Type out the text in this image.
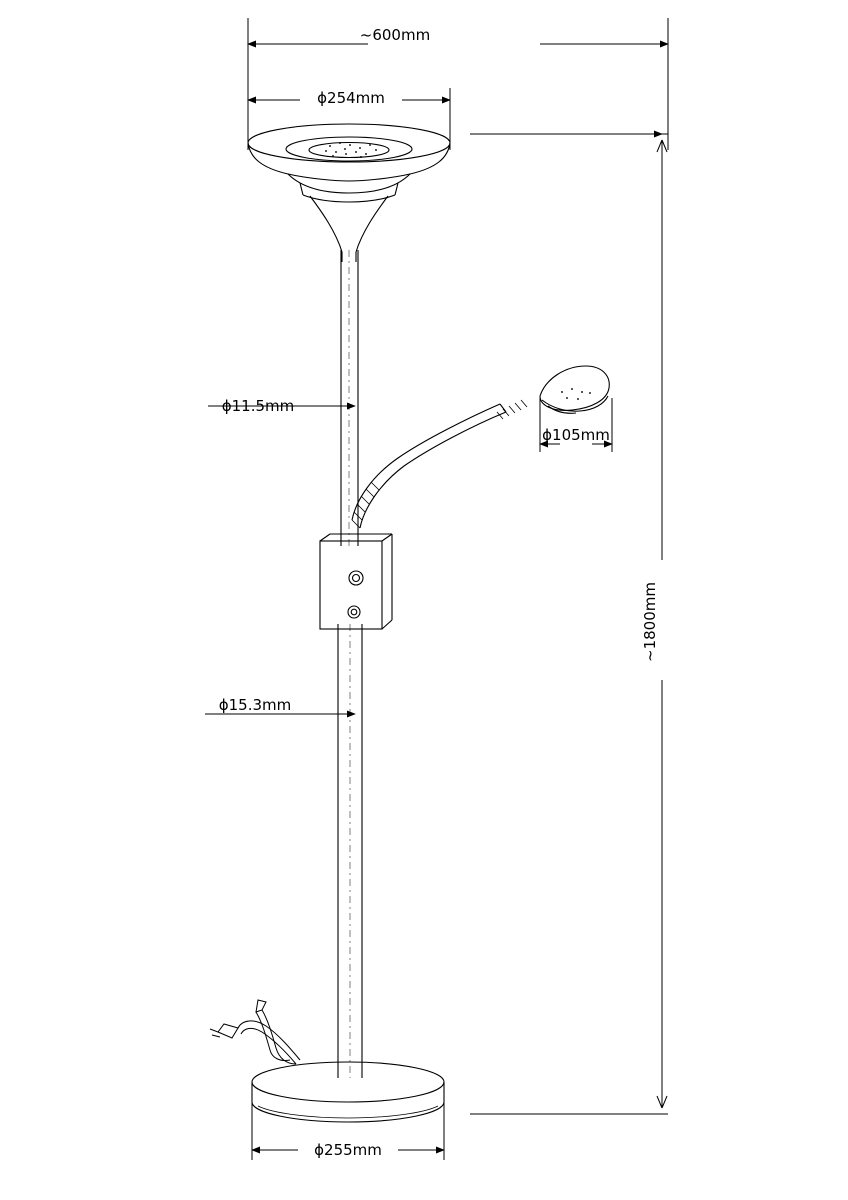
~600mm
ϕ254mm
ϕ11.5mm
ϕ105mm
ϕ15.3mm
~1800mm
ϕ255mm
